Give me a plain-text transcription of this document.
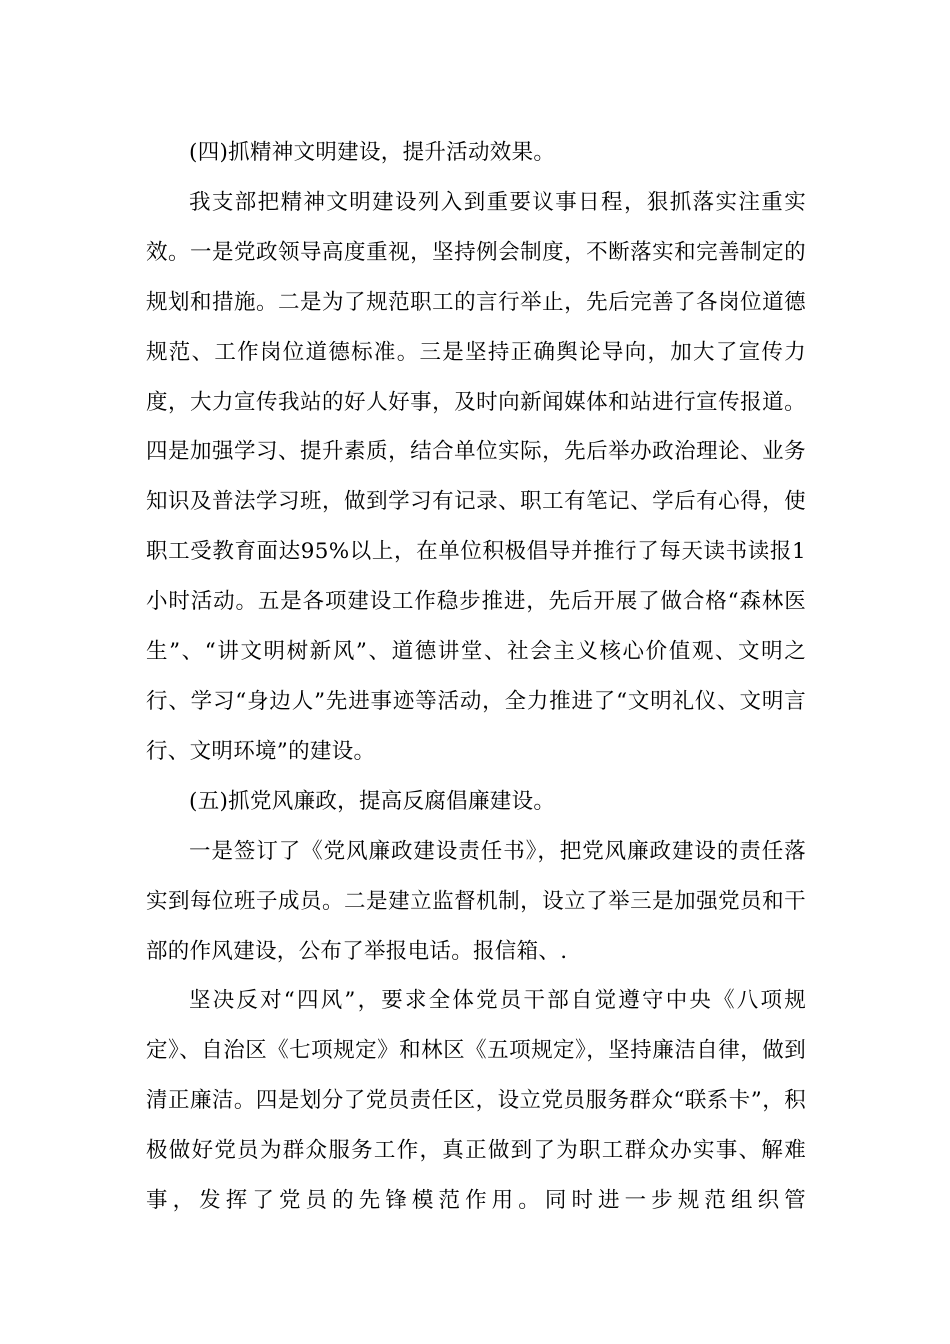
(四)抓精神文明建设，提升活动效果。

我支部把精神文明建设列入到重要议事日程，狠抓落实注重实效。一是党政领导高度重视，坚持例会制度，不断落实和完善制定的规划和措施。二是为了规范职工的言行举止，先后完善了各岗位道德规范、工作岗位道德标准。三是坚持正确舆论导向，加大了宣传力度，大力宣传我站的好人好事，及时向新闻媒体和站进行宣传报道。四是加强学习、提升素质，结合单位实际，先后举办政治理论、业务知识及普法学习班，做到学习有记录、职工有笔记、学后有心得，使职工受教育面达95%以上，在单位积极倡导并推行了每天读书读报1小时活动。五是各项建设工作稳步推进，先后开展了做合格“森林医生”、“讲文明树新风”、道德讲堂、社会主义核心价值观、文明之行、学习“身边人”先进事迹等活动，全力推进了“文明礼仪、文明言行、文明环境”的建设。

(五)抓党风廉政，提高反腐倡廉建设。

一是签订了《党风廉政建设责任书》，把党风廉政建设的责任落实到每位班子成员。二是建立监督机制，设立了举三是加强党员和干部的作风建设，公布了举报电话。报信箱、.

坚决反对“四风”，要求全体党员干部自觉遵守中央《八项规定》、自治区《七项规定》和林区《五项规定》，坚持廉洁自律，做到清正廉洁。四是划分了党员责任区，设立党员服务群众“联系卡”，积极做好党员为群众服务工作，真正做到了为职工群众办实事、解难事，发挥了党员的先锋模范作用。同时进一步规范组织管
